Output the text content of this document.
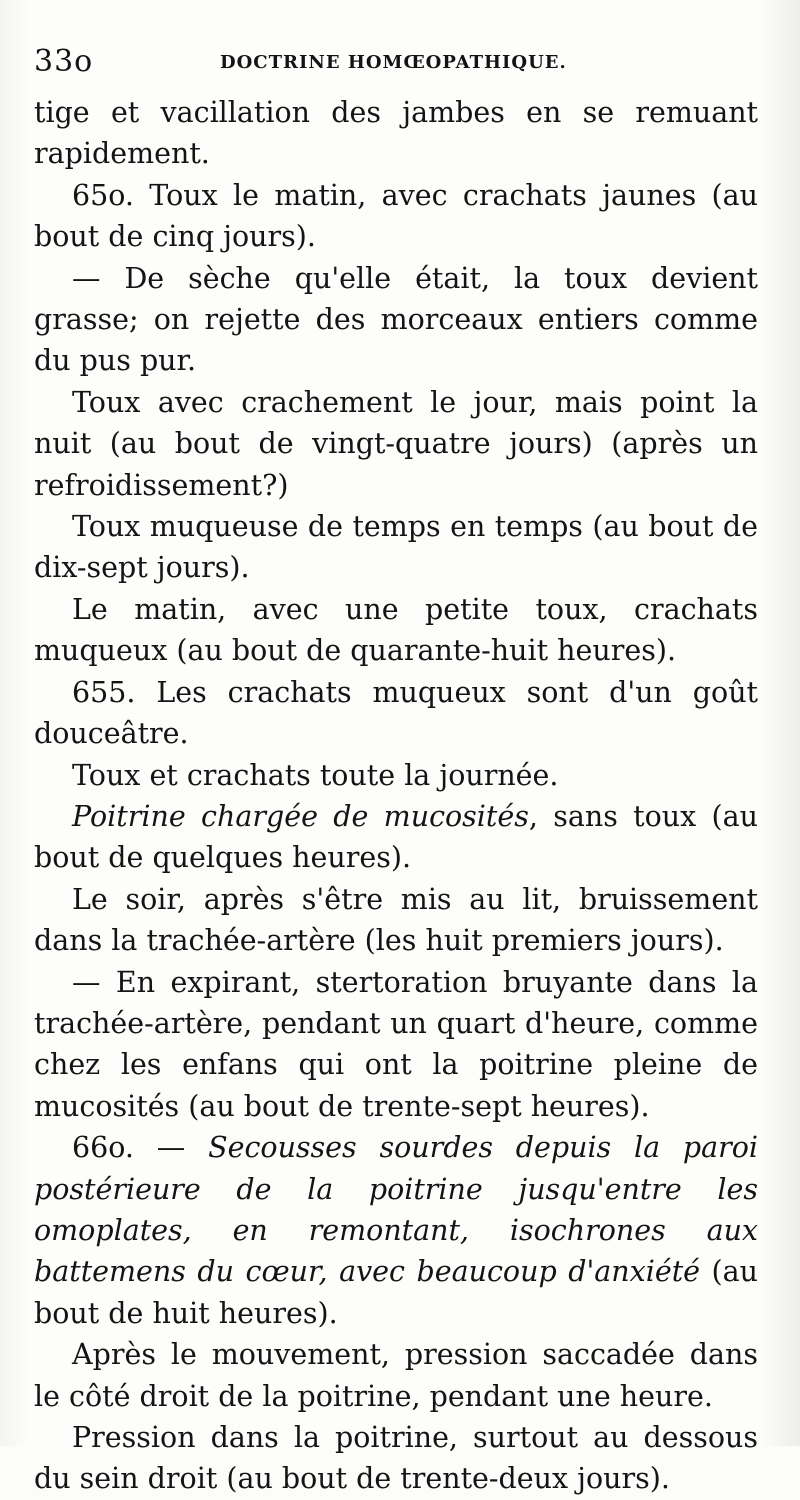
33o	DOCTRINE HOMŒOPATHIQUE.

tige et vacillation des jambes en se remuant rapidement.

65o. Toux le matin, avec crachats jaunes (au bout de cinq jours).

— De sèche qu'elle était, la toux devient grasse; on rejette des morceaux entiers comme du pus pur.

Toux avec crachement le jour, mais point la nuit (au bout de vingt-quatre jours) (après un refroidissement?)

Toux muqueuse de temps en temps (au bout de dix-sept jours).

Le matin, avec une petite toux, crachats muqueux (au bout de quarante-huit heures).

655. Les crachats muqueux sont d'un goût douceâtre.

Toux et crachats toute la journée.

Poitrine chargée de mucosités, sans toux (au bout de quelques heures).

Le soir, après s'être mis au lit, bruissement dans la trachée-artère (les huit premiers jours).

— En expirant, stertoration bruyante dans la trachée-artère, pendant un quart d'heure, comme chez les enfans qui ont la poitrine pleine de mucosités (au bout de trente-sept heures).

66o. — Secousses sourdes depuis la paroi postérieure de la poitrine jusqu'entre les omoplates, en remontant, isochrones aux battemens du cœur, avec beaucoup d'anxiété (au bout de huit heures).

Après le mouvement, pression saccadée dans le côté droit de la poitrine, pendant une heure.

Pression dans la poitrine, surtout au dessous du sein droit (au bout de trente-deux jours).
